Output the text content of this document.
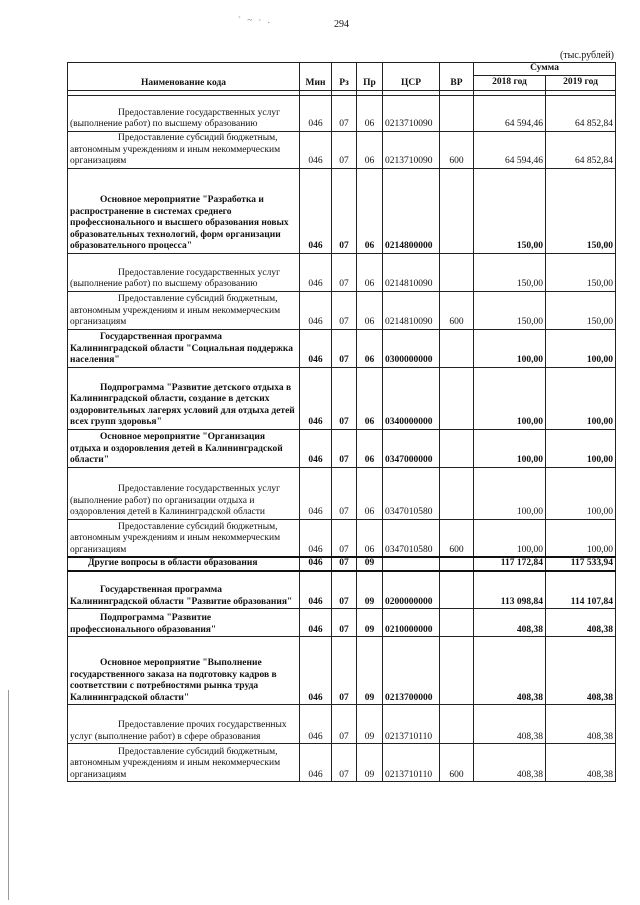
` ~ · .	294
(тыс.рублей)
Наименование кода	Мин	Рз	Пр	ЦСР	ВР	Сумма	
						2018 год	2019 год

Предоставление государственных услуг (выполнение работ) по высшему образованию	046	07	06	0213710090		64 594,46	64 852,84
Предоставление субсидий бюджетным, автономным учреждениям и иным некоммерческим организациям	046	07	06	0213710090	600	64 594,46	64 852,84
Основное мероприятие "Разработка и распространение в системах среднего профессионального и высшего образования новых образовательных технологий, форм организации образовательного процесса"	046	07	06	0214800000		150,00	150,00
Предоставление государственных услуг (выполнение работ) по высшему образованию	046	07	06	0214810090		150,00	150,00
Предоставление субсидий бюджетным, автономным учреждениям и иным некоммерческим организациям	046	07	06	0214810090	600	150,00	150,00
Государственная программа Калининградской области "Социальная поддержка населения"	046	07	06	0300000000		100,00	100,00
Подпрограмма "Развитие детского отдыха в Калининградской области, создание в детских оздоровительных лагерях условий для отдыха детей всех групп здоровья"	046	07	06	0340000000		100,00	100,00
Основное мероприятие "Организация отдыха и оздоровления детей в Калининградской области"	046	07	06	0347000000		100,00	100,00
Предоставление государственных услуг (выполнение работ) по организации отдыха и оздоровления детей в Калининградской области	046	07	06	0347010580		100,00	100,00
Предоставление субсидий бюджетным, автономным учреждениям и иным некоммерческим организациям	046	07	06	0347010580	600	100,00	100,00
Другие вопросы в области образования	046	07	09			117 172,84	117 533,94
Государственная программа Калининградской области "Развитие образования"	046	07	09	0200000000		113 098,84	114 107,84
Подпрограмма "Развитие профессионального образования"	046	07	09	0210000000		408,38	408,38
Основное мероприятие "Выполнение государственного заказа на подготовку кадров в соответствии с потребностями рынка труда Калининградской области"	046	07	09	0213700000		408,38	408,38
Предоставление прочих государственных услуг (выполнение работ) в сфере образования	046	07	09	0213710110		408,38	408,38
Предоставление субсидий бюджетным, автономным учреждениям и иным некоммерческим организациям	046	07	09	0213710110	600	408,38	408,38
